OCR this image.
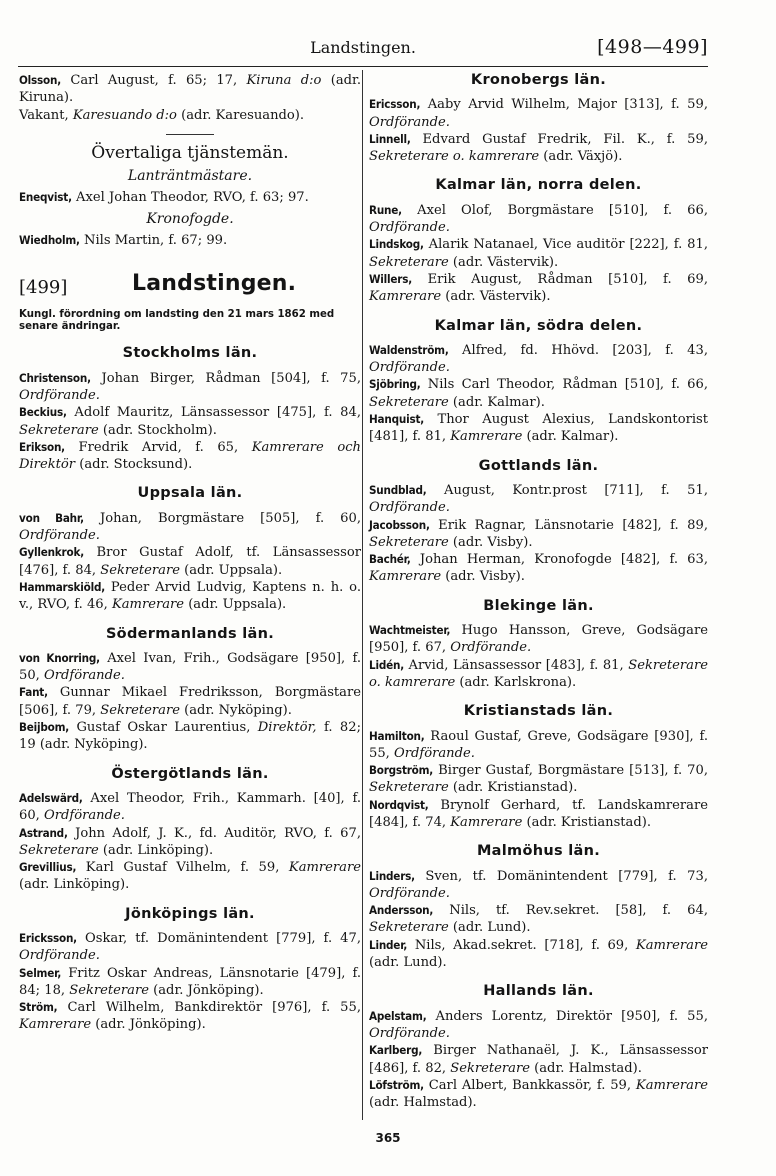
Landstingen.	[498—499]

Olsson, Carl August, f. 65; 17, Kiruna d:o (adr. Kiruna).

Vakant, Karesuando d:o (adr. Karesuando).

Övertaliga tjänstemän.
Lanträntmästare.

Eneqvist, Axel Johan Theodor, RVO, f. 63; 97.

Kronofogde.

Wiedholm, Nils Martin, f. 67; 99.

[499]	Landstingen.
Kungl. förordning om landsting den 21 mars 1862 med senare ändringar.
Stockholms län.

Christenson, Johan Birger, Rådman [504], f. 75, Ordförande.

Beckius, Adolf Mauritz, Länsassessor [475], f. 84, Sekreterare (adr. Stockholm).

Erikson, Fredrik Arvid, f. 65, Kamrerare och Direktör (adr. Stocksund).

Uppsala län.

von Bahr, Johan, Borgmästare [505], f. 60, Ordförande.

Gyllenkrok, Bror Gustaf Adolf, tf. Länsassessor [476], f. 84, Sekreterare (adr. Uppsala).

Hammarskiöld, Peder Arvid Ludvig, Kaptens n. h. o. v., RVO, f. 46, Kamrerare (adr. Uppsala).

Södermanlands län.

von Knorring, Axel Ivan, Frih., Godsägare [950], f. 50, Ordförande.

Fant, Gunnar Mikael Fredriksson, Borgmästare [506], f. 79, Sekreterare (adr. Nyköping).

Beijbom, Gustaf Oskar Laurentius, Direktör, f. 82; 19 (adr. Nyköping).

Östergötlands län.

Adelswärd, Axel Theodor, Frih., Kammarh. [40], f. 60, Ordförande.

Astrand, John Adolf, J. K., fd. Auditör, RVO, f. 67, Sekreterare (adr. Linköping).

Grevillius, Karl Gustaf Vilhelm, f. 59, Kamrerare (adr. Linköping).

Jönköpings län.

Ericksson, Oskar, tf. Domänintendent [779], f. 47, Ordförande.

Selmer, Fritz Oskar Andreas, Länsnotarie [479], f. 84; 18, Sekreterare (adr. Jönköping).

Ström, Carl Wilhelm, Bankdirektör [976], f. 55, Kamrerare (adr. Jönköping).

Kronobergs län.

Ericsson, Aaby Arvid Wilhelm, Major [313], f. 59, Ordförande.

Linnell, Edvard Gustaf Fredrik, Fil. K., f. 59, Sekreterare o. kamrerare (adr. Växjö).

Kalmar län, norra delen.

Rune, Axel Olof, Borgmästare [510], f. 66, Ordförande.

Lindskog, Alarik Natanael, Vice auditör [222], f. 81, Sekreterare (adr. Västervik).

Willers, Erik August, Rådman [510], f. 69, Kamrerare (adr. Västervik).

Kalmar län, södra delen.

Waldenström, Alfred, fd. Hhövd. [203], f. 43, Ordförande.

Sjöbring, Nils Carl Theodor, Rådman [510], f. 66, Sekreterare (adr. Kalmar).

Hanquist, Thor August Alexius, Landskontorist [481], f. 81, Kamrerare (adr. Kalmar).

Gottlands län.

Sundblad, August, Kontr.prost [711], f. 51, Ordförande.

Jacobsson, Erik Ragnar, Länsnotarie [482], f. 89, Sekreterare (adr. Visby).

Bachér, Johan Herman, Kronofogde [482], f. 63, Kamrerare (adr. Visby).

Blekinge län.

Wachtmeister, Hugo Hansson, Greve, Godsägare [950], f. 67, Ordförande.

Lidén, Arvid, Länsassessor [483], f. 81, Sekreterare o. kamrerare (adr. Karlskrona).

Kristianstads län.

Hamilton, Raoul Gustaf, Greve, Godsägare [930], f. 55, Ordförande.

Borgström, Birger Gustaf, Borgmästare [513], f. 70, Sekreterare (adr. Kristianstad).

Nordqvist, Brynolf Gerhard, tf. Landskamrerare [484], f. 74, Kamrerare (adr. Kristianstad).

Malmöhus län.

Linders, Sven, tf. Domänintendent [779], f. 73, Ordförande.

Andersson, Nils, tf. Rev.sekret. [58], f. 64, Sekreterare (adr. Lund).

Linder, Nils, Akad.sekret. [718], f. 69, Kamrerare (adr. Lund).

Hallands län.

Apelstam, Anders Lorentz, Direktör [950], f. 55, Ordförande.

Karlberg, Birger Nathanaël, J. K., Länsassessor [486], f. 82, Sekreterare (adr. Halmstad).

Löfström, Carl Albert, Bankkassör, f. 59, Kamrerare (adr. Halmstad).

365
